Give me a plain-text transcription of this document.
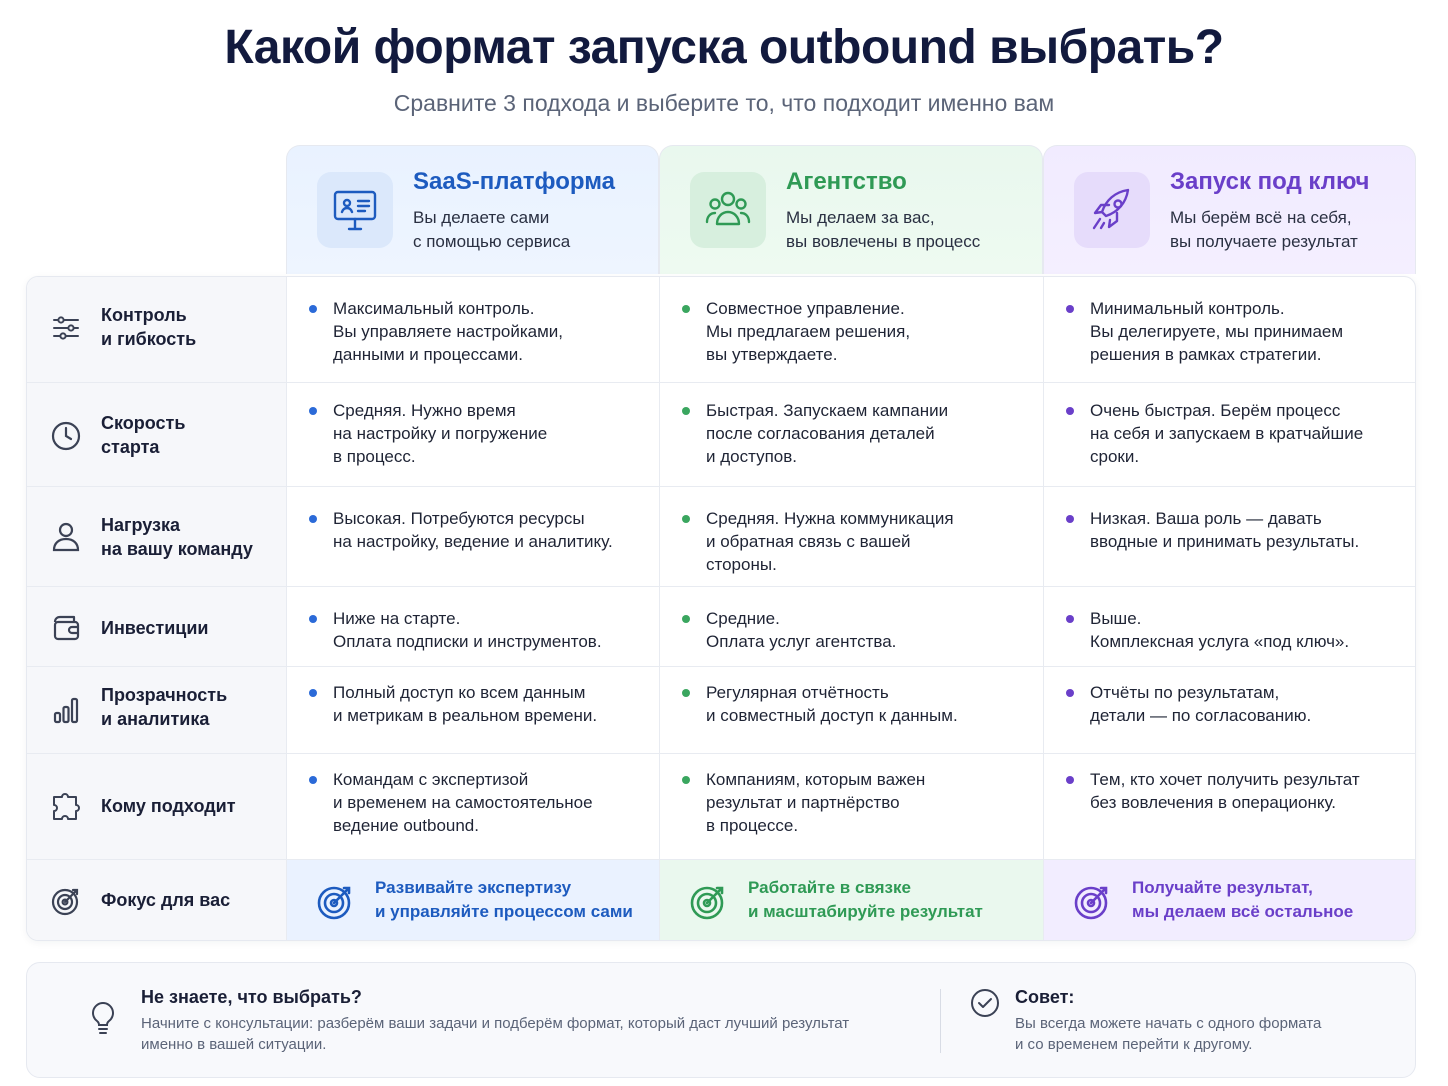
Какой формат запуска outbound выбрать?
Сравните 3 подхода и выберите то, что подходит именно вам
SaaS-платформа
Вы делаете сами
с помощью сервиса
Агентство
Мы делаем за вас,
вы вовлечены в процесс
Запуск под ключ
Мы берём всё на себя,
вы получаете результат
Контроль
и гибкость
Максимальный контроль.
Вы управляете настройками,
данными и процессами.
Совместное управление.
Мы предлагаем решения,
вы утверждаете.
Минимальный контроль.
Вы делегируете, мы принимаем
решения в рамках стратегии.
Скорость
старта
Средняя. Нужно время
на настройку и погружение
в процесс.
Быстрая. Запускаем кампании
после согласования деталей
и доступов.
Очень быстрая. Берём процесс
на себя и запускаем в кратчайшие
сроки.
Нагрузка
на вашу команду
Высокая. Потребуются ресурсы
на настройку, ведение и аналитику.
Средняя. Нужна коммуникация
и обратная связь с вашей
стороны.
Низкая. Ваша роль — давать
вводные и принимать результаты.
Инвестиции	Ниже на старте.
Оплата подписки и инструментов.
Средние.
Оплата услуг агентства.
Выше.
Комплексная услуга «под ключ».
Прозрачность
и аналитика
Полный доступ ко всем данным
и метрикам в реальном времени.
Регулярная отчётность
и совместный доступ к данным.
Отчёты по результатам,
детали — по согласованию.
Кому подходит
Командам с экспертизой
и временем на самостоятельное
ведение outbound.
Компаниям, которым важен
результат и партнёрство
в процессе.
Тем, кто хочет получить результат
без вовлечения в операционку.
Фокус для вас
Развивайте экспертизу
и управляйте процессом сами
Работайте в связке
и масштабируйте результат
Получайте результат,
мы делаем всё остальное
Не знаете, что выбрать?
Начните с консультации: разберём ваши задачи и подберём формат, который даст лучший результат
именно в вашей ситуации.
Совет:
Вы всегда можете начать с одного формата
и со временем перейти к другому.
